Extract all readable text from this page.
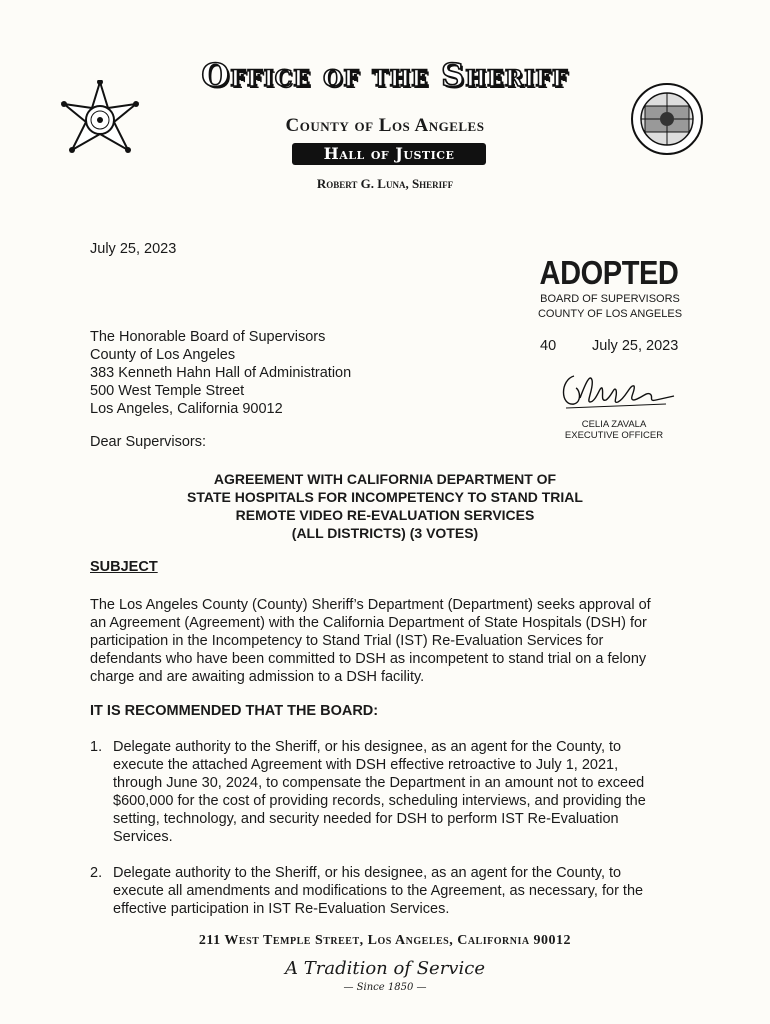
Office of the Sheriff
County of Los Angeles
Hall of Justice
Robert G. Luna, Sheriff
July 25, 2023
ADOPTED
BOARD OF SUPERVISORS
COUNTY OF LOS ANGELES
40 July 25, 2023
CELIA ZAVALA
EXECUTIVE OFFICER
The Honorable Board of Supervisors
County of Los Angeles
383 Kenneth Hahn Hall of Administration
500 West Temple Street
Los Angeles, California 90012
Dear Supervisors:
AGREEMENT WITH CALIFORNIA DEPARTMENT OF
STATE HOSPITALS FOR INCOMPETENCY TO STAND TRIAL
REMOTE VIDEO RE-EVALUATION SERVICES
(ALL DISTRICTS) (3 VOTES)
SUBJECT
The Los Angeles County (County) Sheriff’s Department (Department) seeks approval of
an Agreement (Agreement) with the California Department of State Hospitals (DSH) for
participation in the Incompetency to Stand Trial (IST) Re-Evaluation Services for
defendants who have been committed to DSH as incompetent to stand trial on a felony
charge and are awaiting admission to a DSH facility.
IT IS RECOMMENDED THAT THE BOARD:
1. Delegate authority to the Sheriff, or his designee, as an agent for the County, to
execute the attached Agreement with DSH effective retroactive to July 1, 2021,
through June 30, 2024, to compensate the Department in an amount not to exceed
$600,000 for the cost of providing records, scheduling interviews, and providing the
setting, technology, and security needed for DSH to perform IST Re-Evaluation
Services.
2. Delegate authority to the Sheriff, or his designee, as an agent for the County, to
execute all amendments and modifications to the Agreement, as necessary, for the
effective participation in IST Re-Evaluation Services.
211 West Temple Street, Los Angeles, California 90012
A Tradition of Service
— Since 1850 —
